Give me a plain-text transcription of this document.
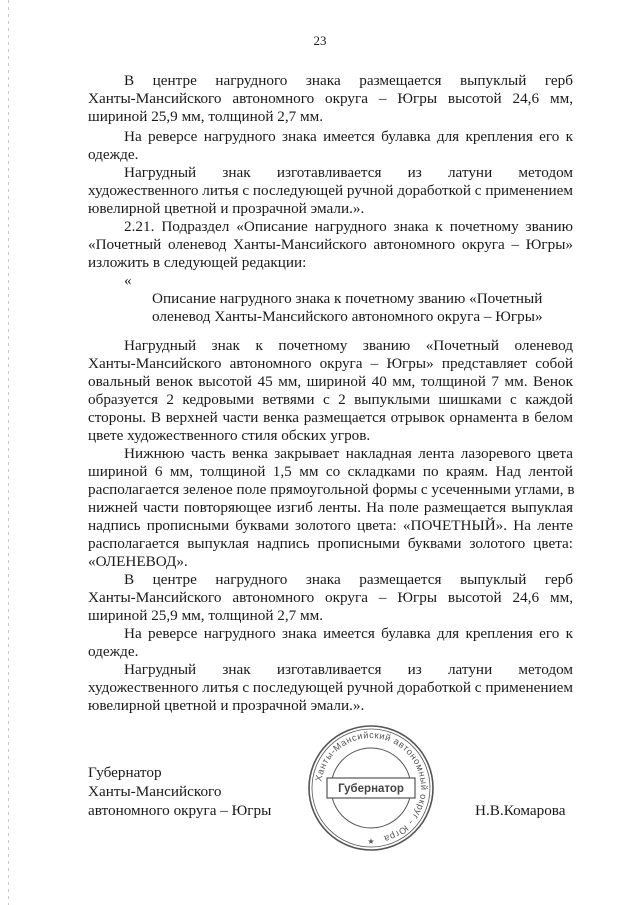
23
В центре нагрудного знака размещается выпуклый герб
Ханты-Мансийского автономного округа – Югры высотой 24,6 мм,
шириной 25,9 мм, толщиной 2,7 мм.
На реверсе нагрудного знака имеется булавка для крепления его к
одежде.
Нагрудный знак изготавливается из латуни методом
художественного литья с последующей ручной доработкой с применением
ювелирной цветной и прозрачной эмали.».
2.21. Подраздел «Описание нагрудного знака к почетному званию
«Почетный оленевод Ханты-Мансийского автономного округа – Югры»
изложить в следующей редакции:
«
Описание нагрудного знака к почетному званию «Почетный
оленевод Ханты-Мансийского автономного округа – Югры»
Нагрудный знак к почетному званию «Почетный оленевод
Ханты-Мансийского автономного округа – Югры» представляет собой
овальный венок высотой 45 мм, шириной 40 мм, толщиной 7 мм. Венок
образуется 2 кедровыми ветвями с 2 выпуклыми шишками с каждой
стороны. В верхней части венка размещается отрывок орнамента в белом
цвете художественного стиля обских угров.
Нижнюю часть венка закрывает накладная лента лазоревого цвета
шириной 6 мм, толщиной 1,5 мм со складками по краям. Над лентой
располагается зеленое поле прямоугольной формы с усеченными углами, в
нижней части повторяющее изгиб ленты. На поле размещается выпуклая
надпись прописными буквами золотого цвета: «ПОЧЕТНЫЙ». На ленте
располагается выпуклая надпись прописными буквами золотого цвета:
«ОЛЕНЕВОД».
В центре нагрудного знака размещается выпуклый герб
Ханты-Мансийского автономного округа – Югры высотой 24,6 мм,
шириной 25,9 мм, толщиной 2,7 мм.
На реверсе нагрудного знака имеется булавка для крепления его к
одежде.
Нагрудный знак изготавливается из латуни методом
художественного литья с последующей ручной доработкой с применением
ювелирной цветной и прозрачной эмали.».
Губернатор
Ханты-Мансийского
автономного округа – Югры	Н.В.Комарова
Ханты-Мансийский автономный округ - Югра
Губернатор
★
